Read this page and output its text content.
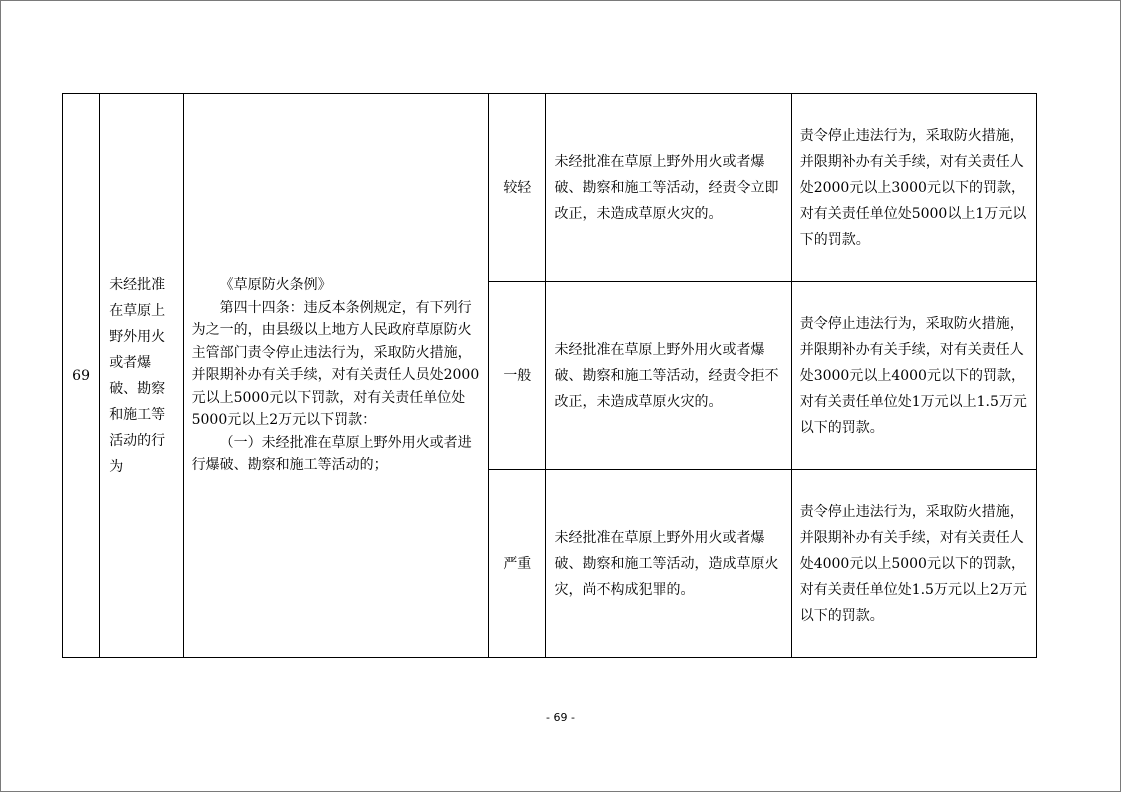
69	未经批准在草原上野外用火或者爆破、勘察和施工等活动的行为	《草原防火条例》
第四十四条：违反本条例规定，有下列行为之一的，由县级以上地方人民政府草原防火主管部门责令停止违法行为，采取防火措施，并限期补办有关手续，对有关责任人员处2000元以上5000元以下罚款，对有关责任单位处5000元以上2万元以下罚款：
（一）未经批准在草原上野外用火或者进行爆破、勘察和施工等活动的；	较轻	未经批准在草原上野外用火或者爆破、勘察和施工等活动，经责令立即改正，未造成草原火灾的。	责令停止违法行为，采取防火措施，并限期补办有关手续，对有关责任人处2000元以上3000元以下的罚款，对有关责任单位处5000以上1万元以下的罚款。

			一般	未经批准在草原上野外用火或者爆破、勘察和施工等活动，经责令拒不改正，未造成草原火灾的。	责令停止违法行为，采取防火措施，并限期补办有关手续，对有关责任人处3000元以上4000元以下的罚款，对有关责任单位处1万元以上1.5万元以下的罚款。

			严重	未经批准在草原上野外用火或者爆破、勘察和施工等活动，造成草原火灾，尚不构成犯罪的。	责令停止违法行为，采取防火措施，并限期补办有关手续，对有关责任人处4000元以上5000元以下的罚款，对有关责任单位处1.5万元以上2万元以下的罚款。
- 69 -
